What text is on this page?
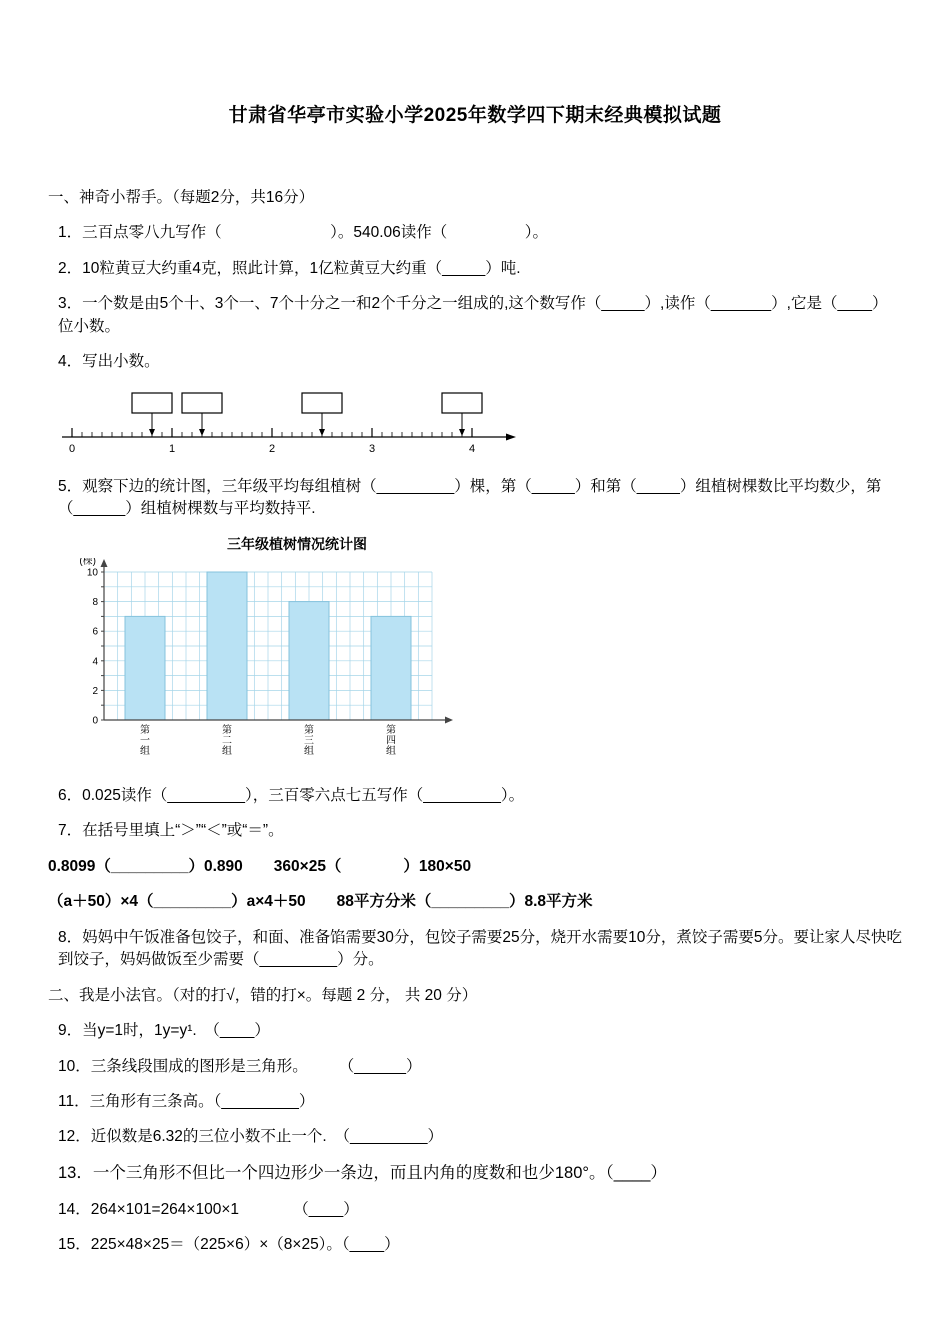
甘肃省华亭市实验小学2025年数学四下期末经典模拟试题

一、神奇小帮手。（每题2分，共16分）

1．三百点零八九写作（　　　　　　　）。540.06读作（　　　　　）。

2．10粒黄豆大约重4克，照此计算，1亿粒黄豆大约重（_____）吨.

3．一个数是由5个十、3个一、7个十分之一和2个千分之一组成的,这个数写作（_____）,读作（_______）,它是（____）位小数。

4．写出小数。

0	1	2	3	4

5．观察下边的统计图，三年级平均每组植树（_________）棵，第（_____）和第（_____）组植树棵数比平均数少，第（______）组植树棵数与平均数持平.

三年级植树情况统计图
2
4
6
8
10
0
(棵)
第一组
第二组
第三组
第四组

6．0.025读作（_________），三百零六点七五写作（_________）。

7．在括号里填上“＞”“＜”或“＝”。

0.8099（_________）0.890　　360×25（　　　　）180×50

（a＋50）×4（_________）a×4＋50　　88平方分米（_________）8.8平方米

8．妈妈中午饭准备包饺子，和面、准备馅需要30分，包饺子需要25分，烧开水需要10分，煮饺子需要5分。要让家人尽快吃到饺子，妈妈做饭至少需要（_________）分。

二、我是小法官。（对的打√，错的打×。每题 2 分， 共 20 分）

9．当y=1时，1y=y¹.　（____）

10．三条线段围成的图形是三角形。　　　（______）

11．三角形有三条高。（_________）

12．近似数是6.32的三位小数不止一个.　（_________）

13．一个三角形不但比一个四边形少一条边，而且内角的度数和也少180°。（____）

14．264×101=264×100×1　　　　（____）

15．225×48×25＝（225×6）×（8×25）。（____）
